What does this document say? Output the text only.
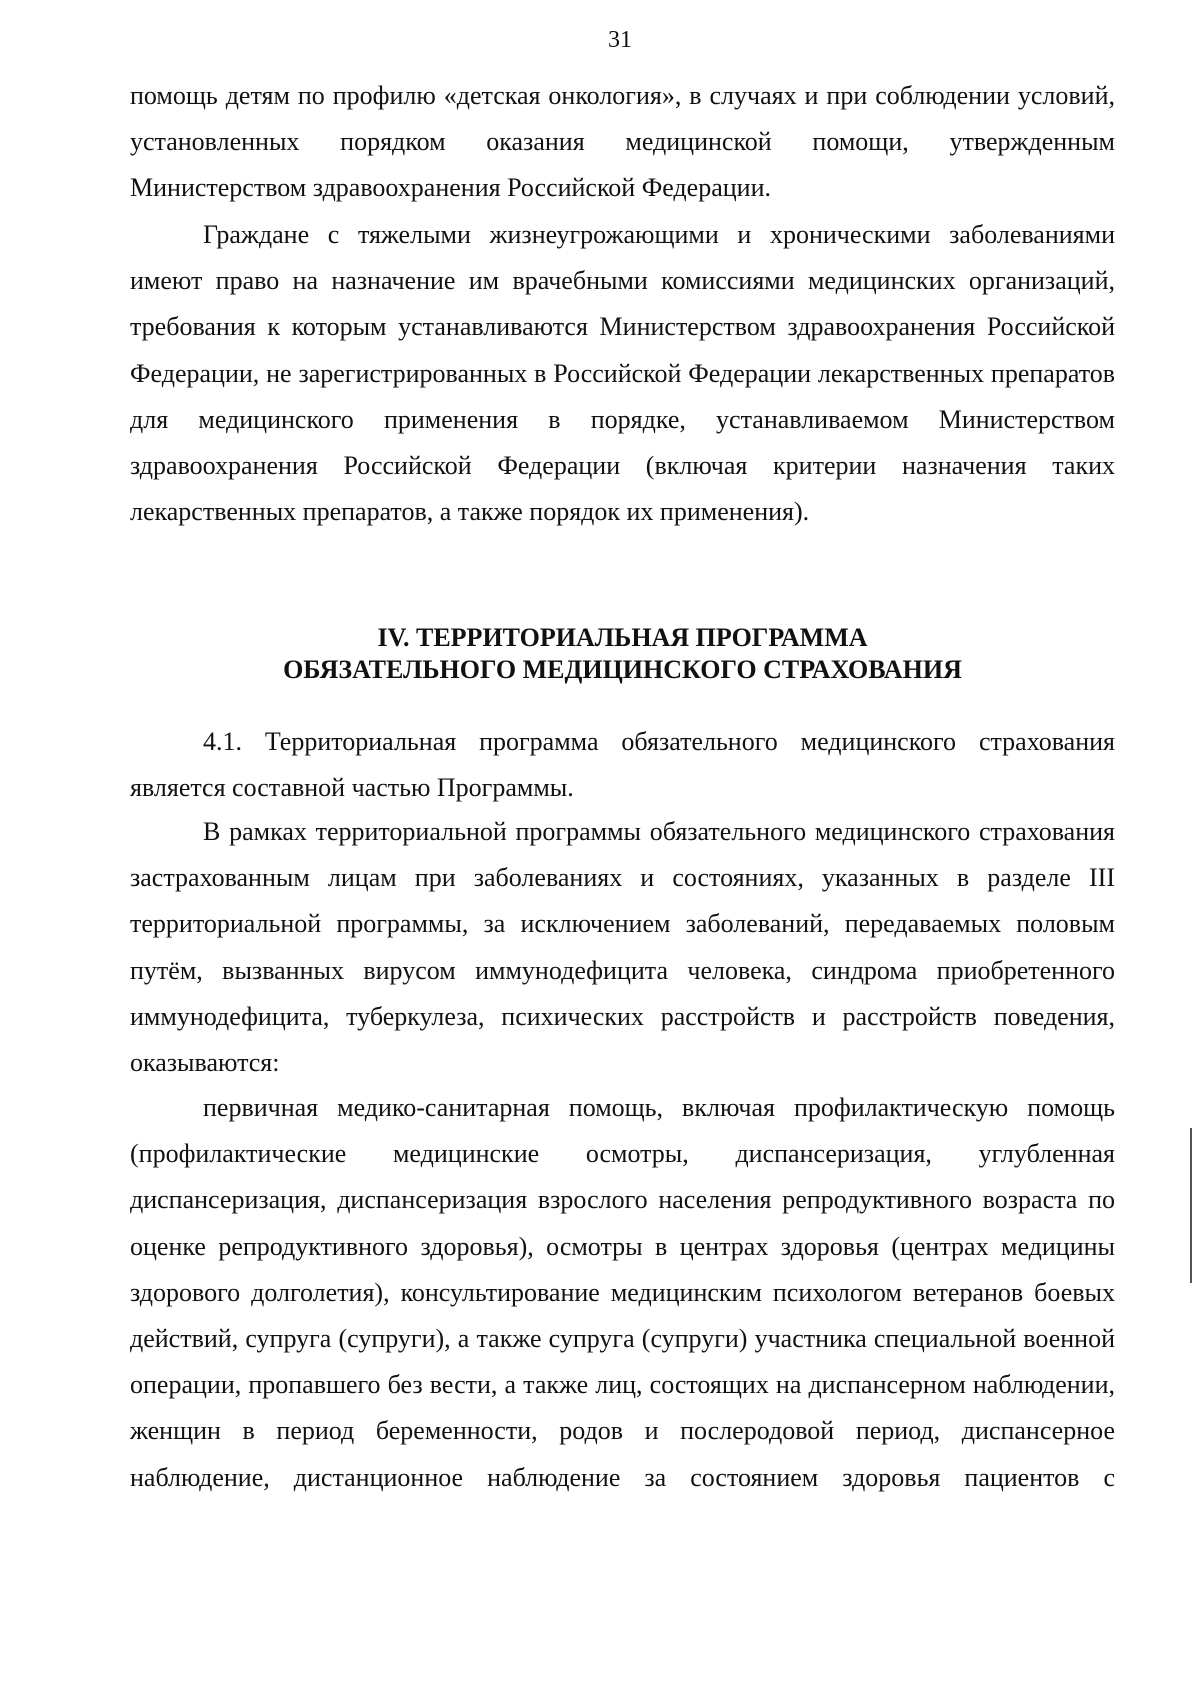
31

помощь детям по профилю «детская онкология», в случаях и при соблюдении условий, установленных порядком оказания медицинской помощи, утвержденным Министерством здравоохранения Российской Федерации.

Граждане с тяжелыми жизнеугрожающими и хроническими заболеваниями имеют право на назначение им врачебными комиссиями медицинских организаций, требования к которым устанавливаются Министерством здравоохранения Российской Федерации, не зарегистрированных в Российской Федерации лекарственных препаратов для медицинского применения в порядке, устанавливаемом Министерством здравоохранения Российской Федерации (включая критерии назначения таких лекарственных препаратов, а также порядок их применения).

IV. ТЕРРИТОРИАЛЬНАЯ ПРОГРАММА
ОБЯЗАТЕЛЬНОГО МЕДИЦИНСКОГО СТРАХОВАНИЯ

4.1. Территориальная программа обязательного медицинского страхования является составной частью Программы.

В рамках территориальной программы обязательного медицинского страхования застрахованным лицам при заболеваниях и состояниях, указанных в разделе III территориальной программы, за исключением заболеваний, передаваемых половым путём, вызванных вирусом иммунодефицита человека, синдрома приобретенного иммунодефицита, туберкулеза, психических расстройств и расстройств поведения, оказываются:

первичная медико-санитарная помощь, включая профилактическую помощь (профилактические медицинские осмотры, диспансеризация, углубленная диспансеризация, диспансеризация взрослого населения репродуктивного возраста по оценке репродуктивного здоровья), осмотры в центрах здоровья (центрах медицины здорового долголетия), консультирование медицинским психологом ветеранов боевых действий, супруга (супруги), а также супруга (супруги) участника специальной военной операции, пропавшего без вести, а также лиц, состоящих на диспансерном наблюдении, женщин в период беременности, родов и послеродовой период, диспансерное наблюдение, дистанционное наблюдение за состоянием здоровья пациентов с
